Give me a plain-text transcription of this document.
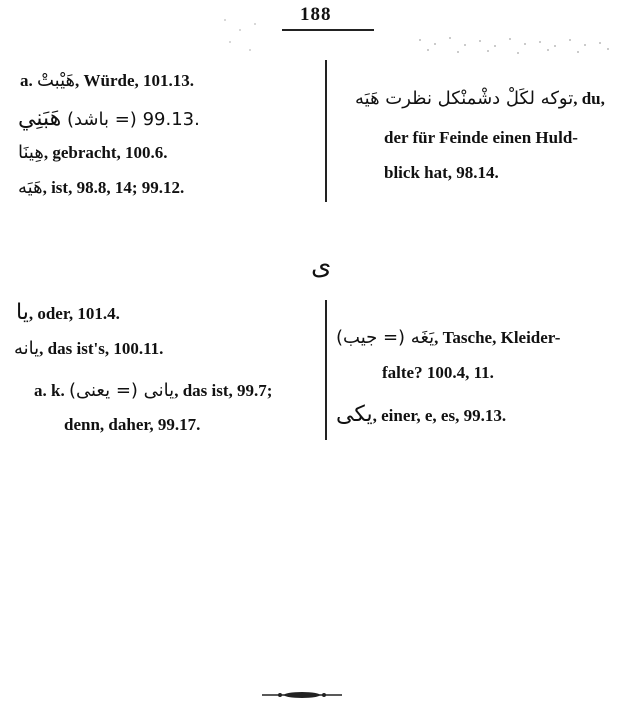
188
a. هَيْبتْ, Würde, 101.13.
هَبَنِي (باشد =) 99.13.
هِينَا, gebracht, 100.6.
هَيَه, ist, 98.8, 14; 99.12.
توكه لكَلْ دشْمنْكل نظرت هَيَه, du,
der für Feinde einen Huld-
blick hat, 98.14.
ی
يا, oder, 101.4.
يانه, das ist's, 100.11.
a. k. يانى (= يعنى), das ist, 99.7;
denn, daher, 99.17.
يَغَه (= جيب), Tasche, Kleider-
falte? 100.4, 11.
يكى, einer, e, es, 99.13.
